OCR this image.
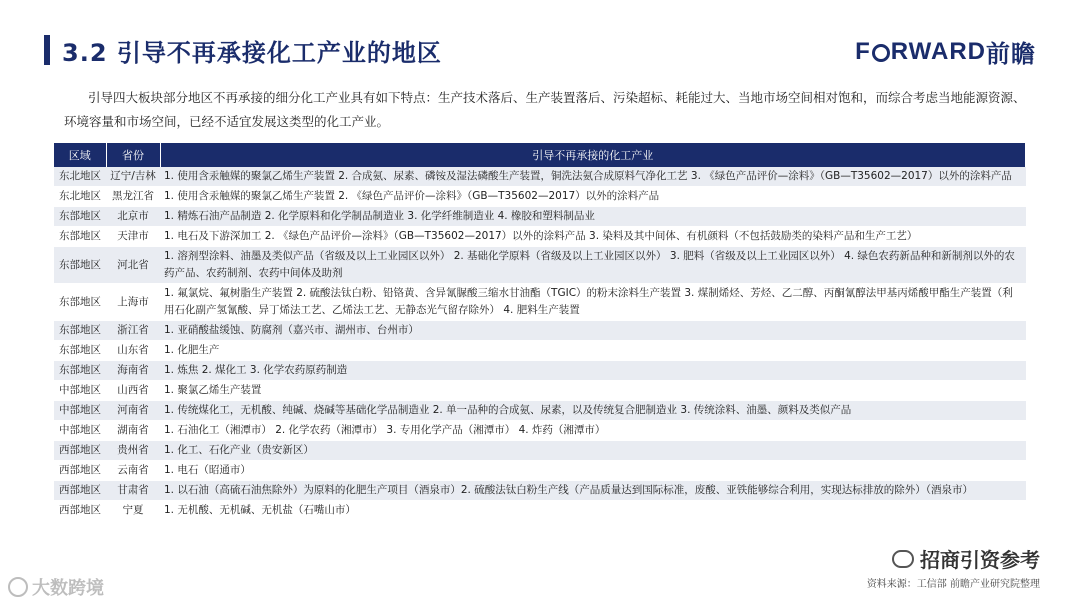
3.2 引导不再承接化工产业的地区	F RWARD 前瞻
引导四大板块部分地区不再承接的细分化工产业具有如下特点：生产技术落后、生产装置落后、污染超标、耗能过大、当地市场空间相对饱和，而综合考虑当地能源资源、环境容量和市场空间，已经不适宜发展这类型的化工产业。
区域	省份	引导不再承接的化工产业
东北地区	辽宁/吉林	1. 使用含汞触媒的聚氯乙烯生产装置 2. 合成氨、尿素、磷铵及湿法磷酸生产装置，铜洗法氨合成原料气净化工艺 3. 《绿色产品评价—涂料》（GB—T35602—2017）以外的涂料产品
东北地区	黑龙江省	1. 使用含汞触媒的聚氯乙烯生产装置 2. 《绿色产品评价—涂料》（GB—T35602—2017）以外的涂料产品
东部地区	北京市	1. 精炼石油产品制造 2. 化学原料和化学制品制造业 3. 化学纤维制造业 4. 橡胶和塑料制品业
东部地区	天津市	1. 电石及下游深加工 2. 《绿色产品评价—涂料》（GB—T35602—2017）以外的涂料产品 3. 染料及其中间体、有机颜料（不包括鼓励类的染料产品和生产工艺）
东部地区	河北省	1. 溶剂型涂料、油墨及类似产品（省级及以上工业园区以外） 2. 基础化学原料（省级及以上工业园区以外） 3. 肥料（省级及以上工业园区以外） 4. 绿色农药新品种和新制剂以外的农药产品、农药制剂、农药中间体及助剂
东部地区	上海市	1. 氟氯烷、氟树脂生产装置 2. 硫酸法钛白粉、铅铬黄、含异氰脲酸三缩水甘油酯（TGIC）的粉末涂料生产装置 3. 煤制烯烃、芳烃、乙二醇、丙酮氰醇法甲基丙烯酸甲酯生产装置（利用石化副产氢氰酸、异丁烯法工艺、乙烯法工艺、无静态光气留存除外） 4. 肥料生产装置
东部地区	浙江省	1. 亚硝酸盐缓蚀、防腐剂（嘉兴市、湖州市、台州市）
东部地区	山东省	1. 化肥生产
东部地区	海南省	1. 炼焦 2. 煤化工 3. 化学农药原药制造
中部地区	山西省	1. 聚氯乙烯生产装置
中部地区	河南省	1. 传统煤化工，无机酸、纯碱、烧碱等基础化学品制造业 2. 单一品种的合成氨、尿素，以及传统复合肥制造业 3. 传统涂料、油墨、颜料及类似产品
中部地区	湖南省	1. 石油化工（湘潭市） 2. 化学农药（湘潭市） 3. 专用化学产品（湘潭市） 4. 炸药（湘潭市）
西部地区	贵州省	1. 化工、石化产业（贵安新区）
西部地区	云南省	1. 电石（昭通市）
西部地区	甘肃省	1. 以石油（高硫石油焦除外）为原料的化肥生产项目（酒泉市）2. 硫酸法钛白粉生产线（产品质量达到国际标准，废酸、亚铁能够综合利用，实现达标排放的除外）（酒泉市）
西部地区	宁夏	1. 无机酸、无机碱、无机盐（石嘴山市）
招商引资参考
资料来源：工信部 前瞻产业研究院整理
大数跨境
